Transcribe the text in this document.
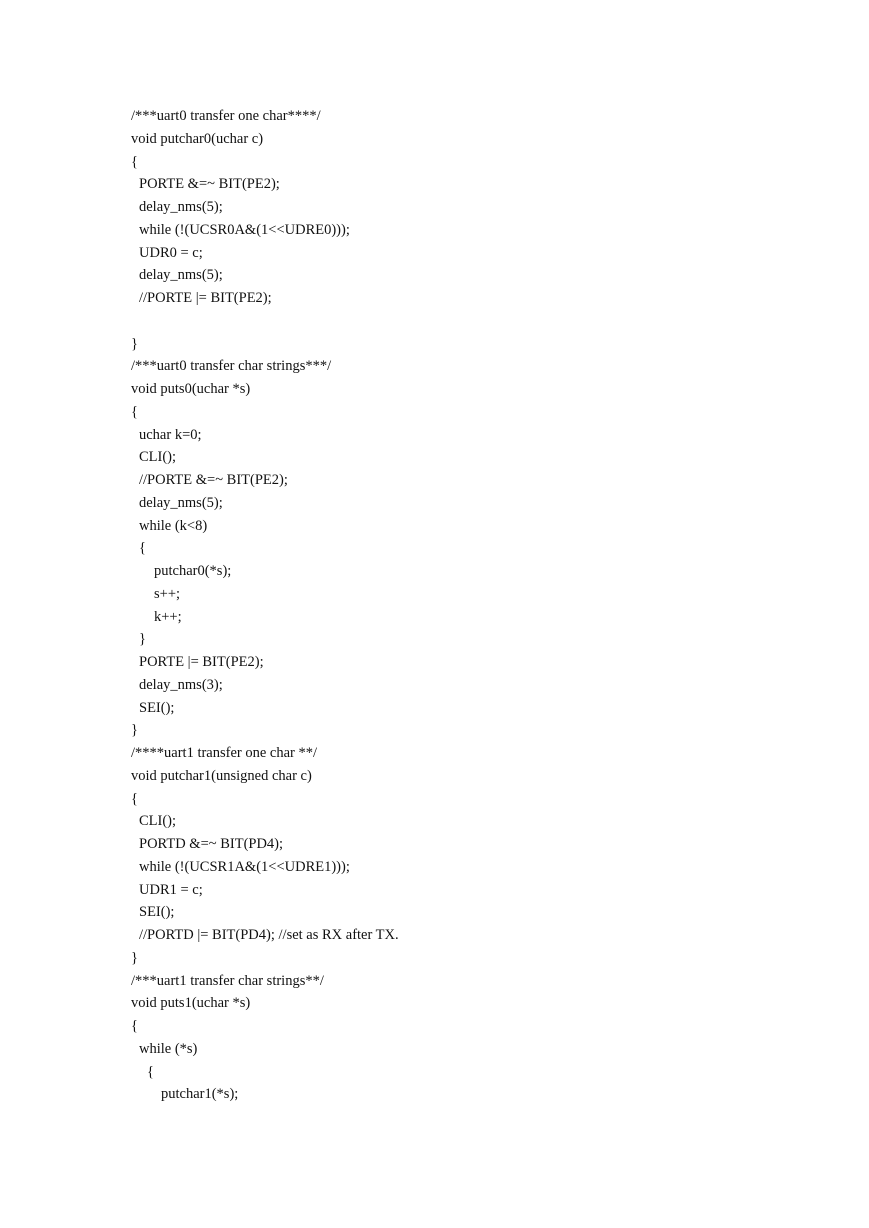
/***uart0 transfer one char****/
void putchar0(uchar c)
{
PORTE &=~ BIT(PE2);
delay_nms(5);
while (!(UCSR0A&(1<<UDRE0)));
UDR0 = c;
delay_nms(5);
//PORTE |= BIT(PE2);
}
/***uart0 transfer char strings***/
void puts0(uchar *s)
{
uchar k=0;
CLI();
//PORTE &=~ BIT(PE2);
delay_nms(5);
while (k<8)
{
putchar0(*s);
s++;
k++;
}
PORTE |= BIT(PE2);
delay_nms(3);
SEI();
}
/****uart1 transfer one char **/
void putchar1(unsigned char c)
{
CLI();
PORTD &=~ BIT(PD4);
while (!(UCSR1A&(1<<UDRE1)));
UDR1 = c;
SEI();
//PORTD |= BIT(PD4); //set as RX after TX.
}
/***uart1 transfer char strings**/
void puts1(uchar *s)
{
while (*s)
{
putchar1(*s);
